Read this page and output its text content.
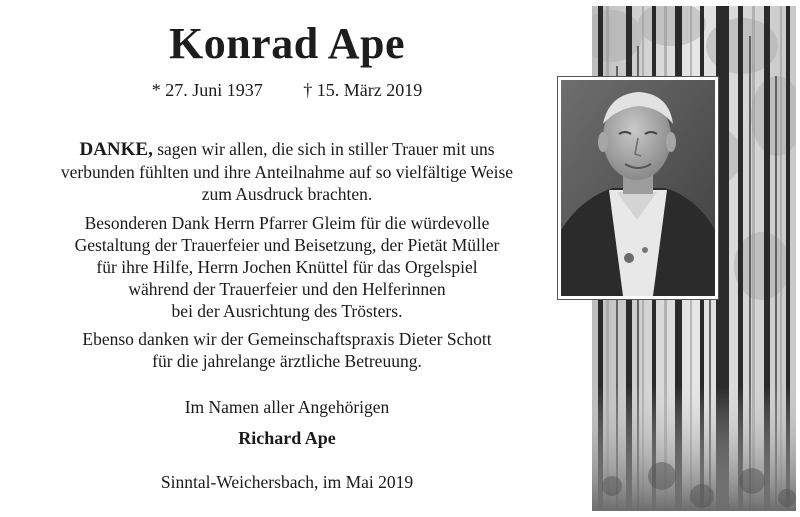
Konrad Ape
* 27. Juni 1937 † 15. März 2019
DANKE, sagen wir allen, die sich in stiller Trauer mit uns
verbunden fühlten und ihre Anteilnahme auf so vielfältige Weise
zum Ausdruck brachten.
Besonderen Dank Herrn Pfarrer Gleim für die würdevolle
Gestaltung der Trauerfeier und Beisetzung, der Pietät Müller
für ihre Hilfe, Herrn Jochen Knüttel für das Orgelspiel
während der Trauerfeier und den Helferinnen
bei der Ausrichtung des Trösters.
Ebenso danken wir der Gemeinschaftspraxis Dieter Schott
für die jahrelange ärztliche Betreuung.
Im Namen aller Angehörigen
Richard Ape
Sinntal-Weichersbach, im Mai 2019
